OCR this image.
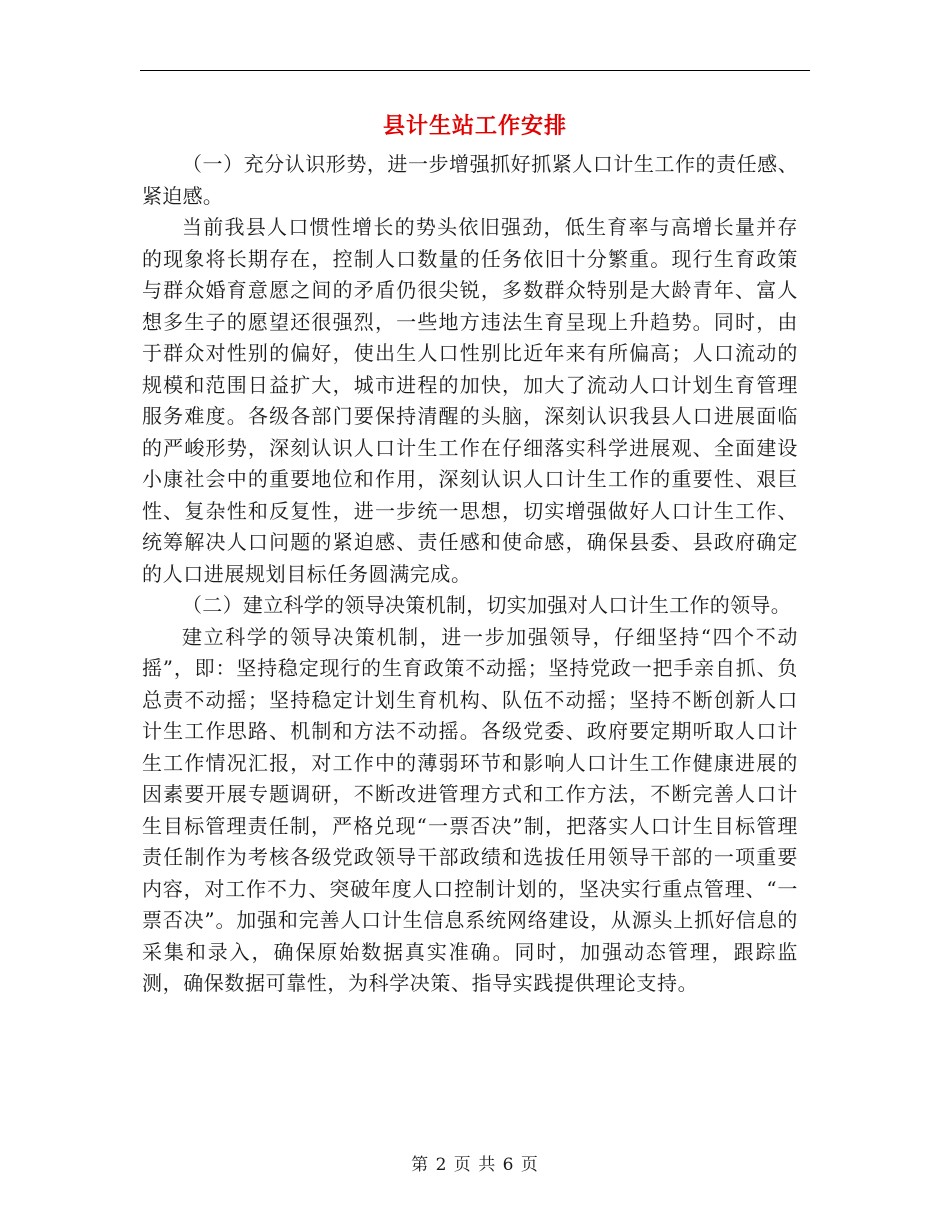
县计生站工作安排

（一）充分认识形势，进一步增强抓好抓紧人口计生工作的责任感、紧迫感。

当前我县人口惯性增长的势头依旧强劲，低生育率与高增长量并存的现象将长期存在，控制人口数量的任务依旧十分繁重。现行生育政策与群众婚育意愿之间的矛盾仍很尖锐，多数群众特别是大龄青年、富人想多生子的愿望还很强烈，一些地方违法生育呈现上升趋势。同时，由于群众对性别的偏好，使出生人口性别比近年来有所偏高；人口流动的规模和范围日益扩大，城市进程的加快，加大了流动人口计划生育管理服务难度。各级各部门要保持清醒的头脑，深刻认识我县人口进展面临的严峻形势，深刻认识人口计生工作在仔细落实科学进展观、全面建设小康社会中的重要地位和作用，深刻认识人口计生工作的重要性、艰巨性、复杂性和反复性，进一步统一思想，切实增强做好人口计生工作、统筹解决人口问题的紧迫感、责任感和使命感，确保县委、县政府确定的人口进展规划目标任务圆满完成。

（二）建立科学的领导决策机制，切实加强对人口计生工作的领导。

建立科学的领导决策机制，进一步加强领导，仔细坚持“四个不动摇”，即：坚持稳定现行的生育政策不动摇；坚持党政一把手亲自抓、负总责不动摇；坚持稳定计划生育机构、队伍不动摇；坚持不断创新人口计生工作思路、机制和方法不动摇。各级党委、政府要定期听取人口计生工作情况汇报，对工作中的薄弱环节和影响人口计生工作健康进展的因素要开展专题调研，不断改进管理方式和工作方法，不断完善人口计生目标管理责任制，严格兑现“一票否决”制，把落实人口计生目标管理责任制作为考核各级党政领导干部政绩和选拔任用领导干部的一项重要内容，对工作不力、突破年度人口控制计划的，坚决实行重点管理、“一票否决”。加强和完善人口计生信息系统网络建设，从源头上抓好信息的采集和录入，确保原始数据真实准确。同时，加强动态管理，跟踪监测，确保数据可靠性，为科学决策、指导实践提供理论支持。

第 2 页 共 6 页
